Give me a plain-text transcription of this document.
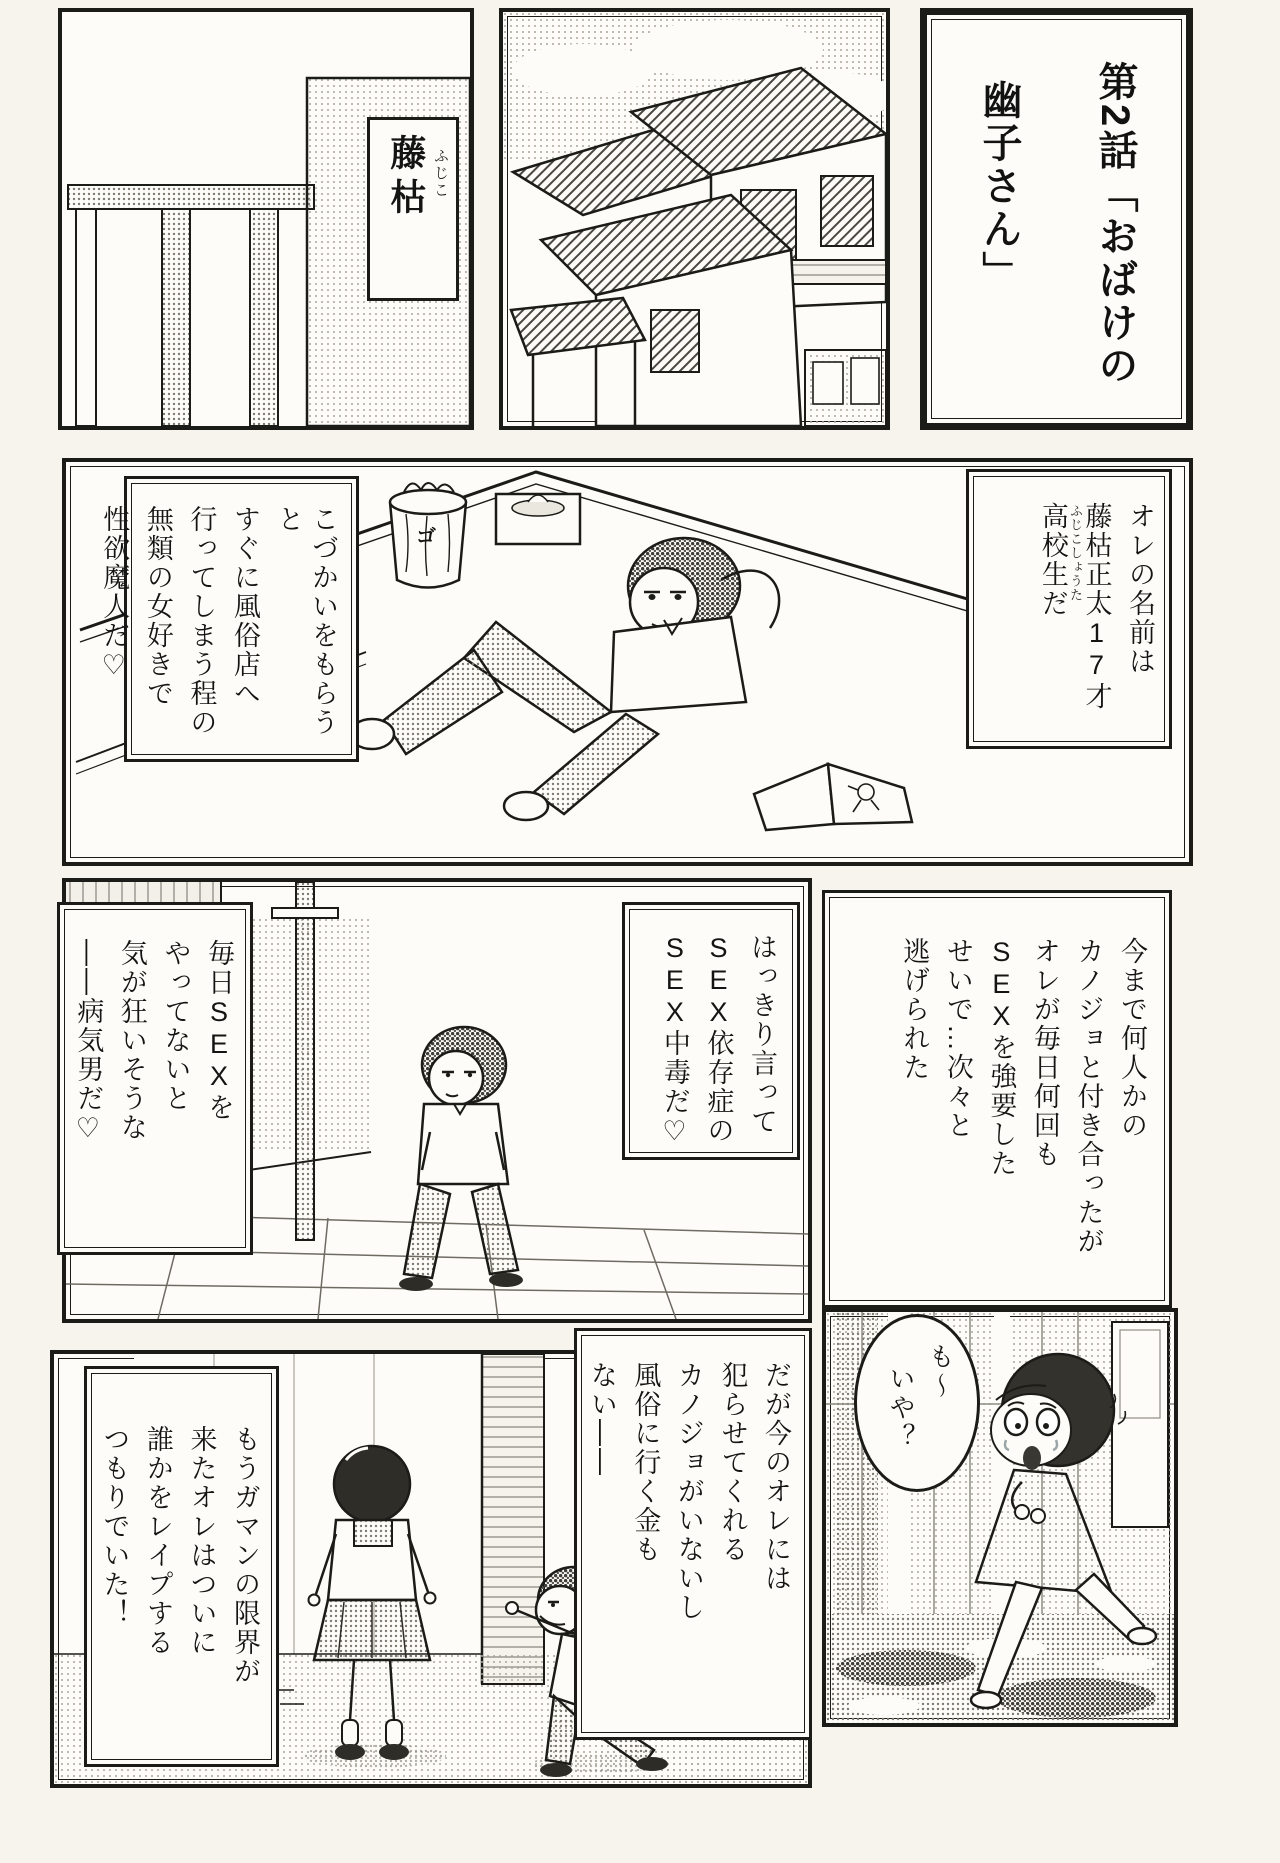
ふじこ

藤枯	第2話「おばけの
幽子さん」
ゴ	オレの名前は

藤枯正太17才

高校生だ ふじこしょうた

こづかいをもらうと

すぐに風俗店へ

行ってしまう程の

無類の女好きで

性欲魔人だ♡

毎日SEXを

やってないと

気が狂いそうな

――病気男だ♡	はっきり言って

SEX依存症の

SEX中毒だ♡	今まで何人かの

カノジョと付き合ったが

オレが毎日何回も

SEXを強要した

せいで…次々と

逃げられた

もうガマンの限界が

来たオレはついに

誰かをレイプする

つもりでいた！	だが今のオレには

犯らせてくれる

カノジョがいないし

風俗に行く金も

ない――	も〜

いや？
